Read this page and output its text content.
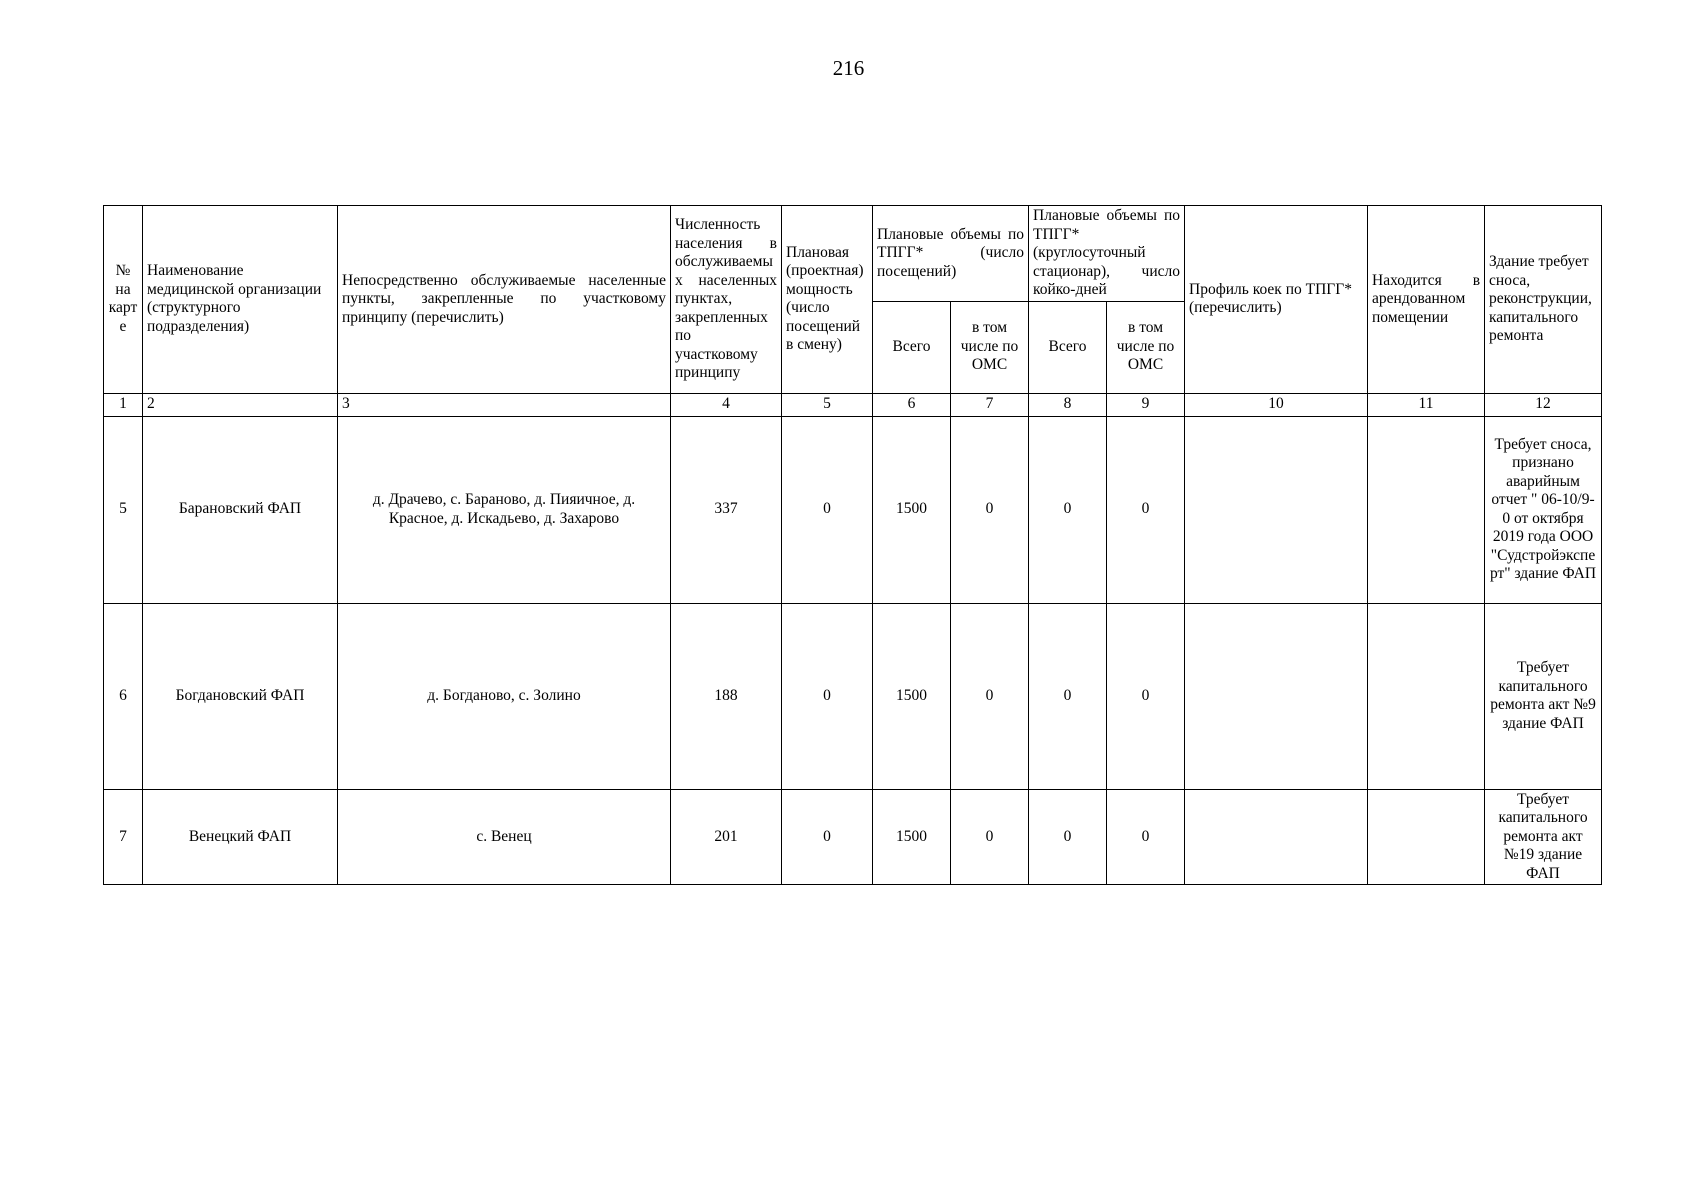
216
№ на карте	Наименование медицинской организации (структурного подразделения)	Непосредственно обслуживаемые населенные пункты, закрепленные по участковому принципу (перечислить)	Численность населения в обслуживаемых населенных пунктах, закрепленных по участковому принципу	Плановая (проектная) мощность (число посещений в смену)	Плановые объемы по ТПГГ* (число посещений)		Плановые объемы по ТПГГ* (круглосуточный стационар), число койко-дней		Профиль коек по ТПГГ* (перечислить)	Находится в арендованном помещении	Здание требует сноса, реконструкции, капитального ремонта
					Всего	в том числе по ОМС	Всего	в том числе по ОМС			
1	2	3	4	5	6	7	8	9	10	11	12
5	Барановский ФАП	д. Драчево, с. Бараново, д. Пияичное, д. Красное, д. Искадьево, д. Захарово	337	0	1500	0	0	0			Требует сноса, признано аварийным отчет " 06-10/9-0 от октября 2019 года ООО "Судстройэксперт" здание ФАП
6	Богдановский ФАП	д. Богданово, с. Золино	188	0	1500	0	0	0			Требует капитального ремонта акт №9 здание ФАП
7	Венецкий ФАП	с. Венец	201	0	1500	0	0	0			Требует капитального ремонта акт №19 здание ФАП
